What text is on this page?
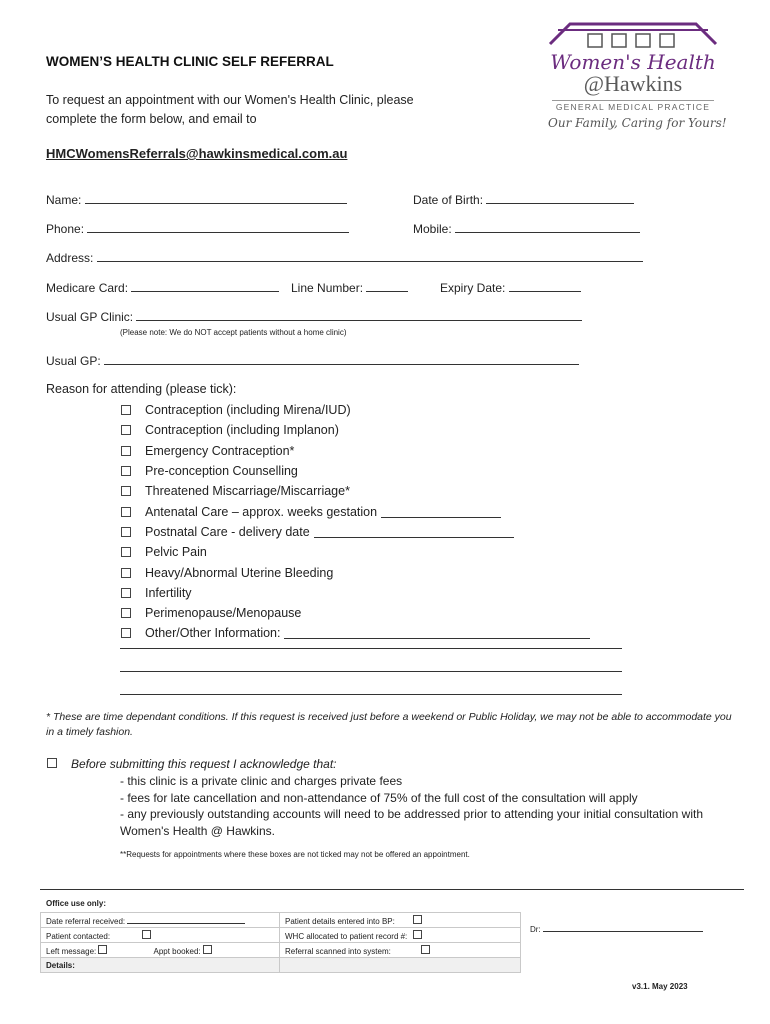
Women's Health
@Hawkins
GENERAL MEDICAL PRACTICE
Our Family, Caring for Yours!
WOMEN’S HEALTH CLINIC SELF REFERRAL
To request an appointment with our Women's Health Clinic, please complete the form below, and email to
HMCWomensReferrals@hawkinsmedical.com.au
Name:	Date of Birth:
Phone:	Mobile:
Address:
Medicare Card:	Line Number:	Expiry Date:
Usual GP Clinic:
(Please note: We do NOT accept patients without a home clinic)
Usual GP:
Reason for attending (please tick):
Contraception (including Mirena/IUD)
Contraception (including Implanon)
Emergency Contraception*
Pre-conception Counselling
Threatened Miscarriage/Miscarriage*
Antenatal Care – approx. weeks gestation
Postnatal Care - delivery date
Pelvic Pain
Heavy/Abnormal Uterine Bleeding
Infertility
Perimenopause/Menopause
Other/Other Information:
* These are time dependant conditions. If this request is received just before a weekend or Public Holiday, we may not be able to accommodate you in a timely fashion.
Before submitting this request I acknowledge that:
- this clinic is a private clinic and charges private fees
- fees for late cancellation and non-attendance of 75% of the full cost of the consultation will apply
- any previously outstanding accounts will need to be addressed prior to attending your initial consultation with Women's Health @ Hawkins.
**Requests for appointments where these boxes are not ticked may not be offered an appointment.
Office use only:
Date referral received:	Patient details entered into BP:
Patient contacted:	WHC allocated to patient record #:
Left message: Appt booked:	Referral scanned into system:
Details:	
Dr:
v3.1. May 2023
